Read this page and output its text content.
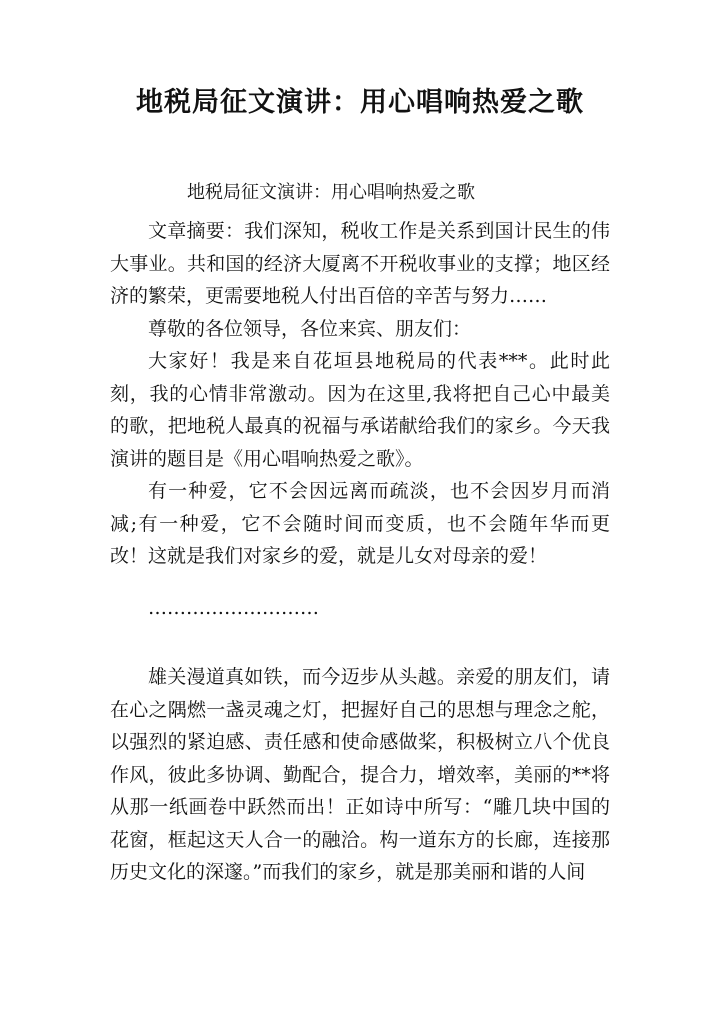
地税局征文演讲：用心唱响热爱之歌
地税局征文演讲：用心唱响热爱之歌

文章摘要：我们深知，税收工作是关系到国计民生的伟大事业。共和国的经济大厦离不开税收事业的支撑；地区经济的繁荣，更需要地税人付出百倍的辛苦与努力……

尊敬的各位领导，各位来宾、朋友们：

大家好！我是来自花垣县地税局的代表***。此时此刻，我的心情非常激动。因为在这里,我将把自己心中最美的歌，把地税人最真的祝福与承诺献给我们的家乡。今天我演讲的题目是《用心唱响热爱之歌》。

有一种爱，它不会因远离而疏淡，也不会因岁月而消减;有一种爱，它不会随时间而变质，也不会随年华而更改！这就是我们对家乡的爱，就是儿女对母亲的爱！

………………………

雄关漫道真如铁，而今迈步从头越。亲爱的朋友们，请在心之隅燃一盏灵魂之灯，把握好自己的思想与理念之舵，以强烈的紧迫感、责任感和使命感做桨，积极树立八个优良作风，彼此多协调、勤配合，提合力，增效率，美丽的**将从那一纸画卷中跃然而出！正如诗中所写：“雕几块中国的花窗，框起这天人合一的融洽。构一道东方的长廊，连接那历史文化的深邃。”而我们的家乡，就是那美丽和谐的人间
